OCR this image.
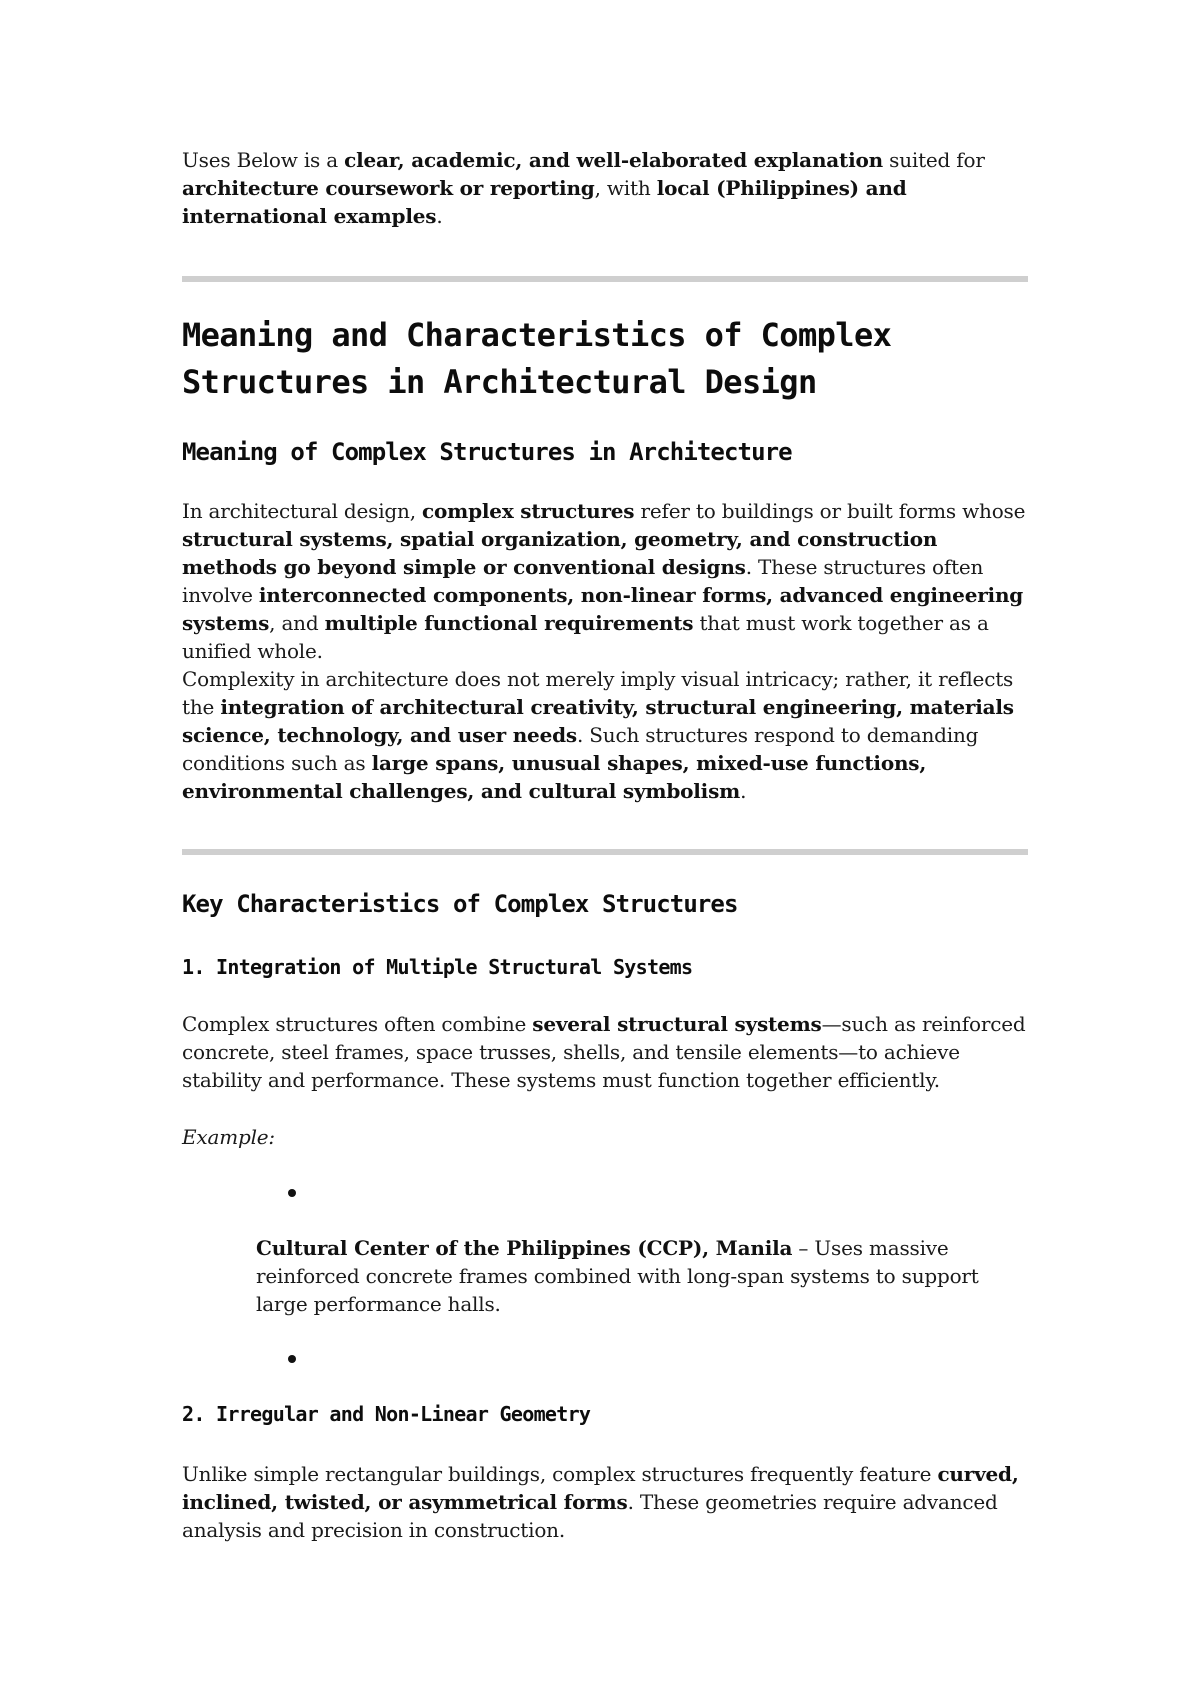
Uses Below is a clear, academic, and well-elaborated explanation suited for architecture coursework or reporting, with local (Philippines) and international examples.

Meaning and Characteristics of Complex Structures in Architectural Design
Meaning of Complex Structures in Architecture

In architectural design, complex structures refer to buildings or built forms whose structural systems, spatial organization, geometry, and construction methods go beyond simple or conventional designs. These structures often involve interconnected components, non-linear forms, advanced engineering systems, and multiple functional requirements that must work together as a unified whole.

Complexity in architecture does not merely imply visual intricacy; rather, it reflects the integration of architectural creativity, structural engineering, materials science, technology, and user needs. Such structures respond to demanding conditions such as large spans, unusual shapes, mixed-use functions, environmental challenges, and cultural symbolism.

Key Characteristics of Complex Structures
1. Integration of Multiple Structural Systems

Complex structures often combine several structural systems—such as reinforced concrete, steel frames, space trusses, shells, and tensile elements—to achieve stability and performance. These systems must function together efficiently.

Example:

Cultural Center of the Philippines (CCP), Manila – Uses massive reinforced concrete frames combined with long-span systems to support large performance halls.

2. Irregular and Non-Linear Geometry

Unlike simple rectangular buildings, complex structures frequently feature curved, inclined, twisted, or asymmetrical forms. These geometries require advanced analysis and precision in construction.
